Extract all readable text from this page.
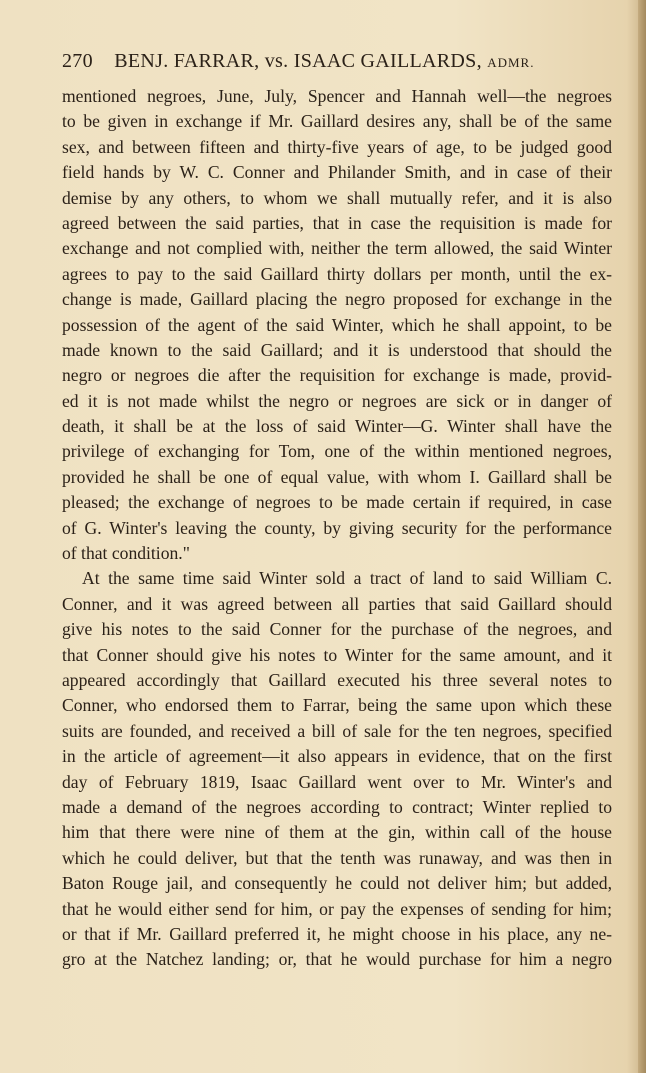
270 BENJ. FARRAR, vs. ISAAC GAILLARDS, ADMR.
mentioned negroes, June, July, Spencer and Hannah well—the negroes
to be given in exchange if Mr. Gaillard desires any, shall be of the same
sex, and between fifteen and thirty-five years of age, to be judged good
field hands by W. C. Conner and Philander Smith, and in case of their
demise by any others, to whom we shall mutually refer, and it is also
agreed between the said parties, that in case the requisition is made for
exchange and not complied with, neither the term allowed, the said Winter
agrees to pay to the said Gaillard thirty dollars per month, until the ex-
change is made, Gaillard placing the negro proposed for exchange in the
possession of the agent of the said Winter, which he shall appoint, to be
made known to the said Gaillard; and it is understood that should the
negro or negroes die after the requisition for exchange is made, provid-
ed it is not made whilst the negro or negroes are sick or in danger of
death, it shall be at the loss of said Winter—G. Winter shall have the
privilege of exchanging for Tom, one of the within mentioned negroes,
provided he shall be one of equal value, with whom I. Gaillard shall be
pleased; the exchange of negroes to be made certain if required, in case
of G. Winter's leaving the county, by giving security for the performance
of that condition."
At the same time said Winter sold a tract of land to said William C.
Conner, and it was agreed between all parties that said Gaillard should
give his notes to the said Conner for the purchase of the negroes, and
that Conner should give his notes to Winter for the same amount, and it
appeared accordingly that Gaillard executed his three several notes to
Conner, who endorsed them to Farrar, being the same upon which these
suits are founded, and received a bill of sale for the ten negroes, specified
in the article of agreement—it also appears in evidence, that on the first
day of February 1819, Isaac Gaillard went over to Mr. Winter's and
made a demand of the negroes according to contract; Winter replied to
him that there were nine of them at the gin, within call of the house
which he could deliver, but that the tenth was runaway, and was then in
Baton Rouge jail, and consequently he could not deliver him; but added,
that he would either send for him, or pay the expenses of sending for him;
or that if Mr. Gaillard preferred it, he might choose in his place, any ne-
gro at the Natchez landing; or, that he would purchase for him a negro
